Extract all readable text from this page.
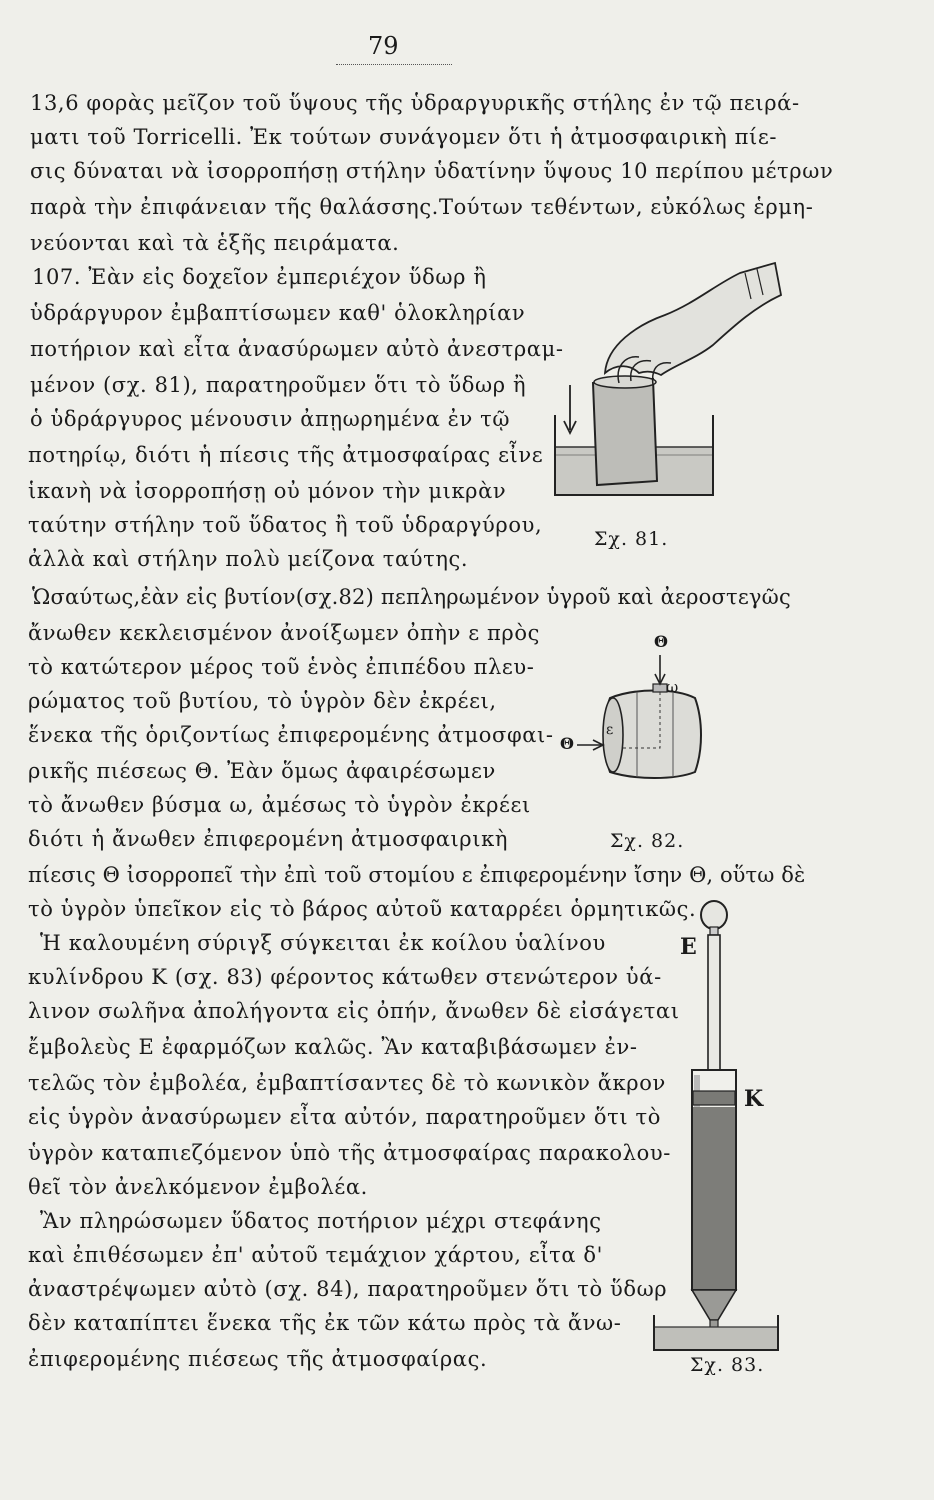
79
13,6 φορὰς μεῖζον τοῦ ὕψους τῆς ὑδραργυρικῆς στήλης ἐν τῷ πειρά-
ματι τοῦ Torricelli. Ἐκ τούτων συνάγομεν ὅτι ἡ ἀτμοσφαιρικὴ πίε-
σις δύναται νὰ ἰσορροπήσῃ στήλην ὑδατίνην ὕψους 10 περίπου μέτρων
παρὰ τὴν ἐπιφάνειαν τῆς θαλάσσης.Τούτων τεθέντων, εὐκόλως ἑρμη-
νεύονται καὶ τὰ ἑξῆς πειράματα.
107. Ἐὰν εἰς δοχεῖον ἐμπεριέχον ὕδωρ ἢ
ὑδράργυρον ἐμβαπτίσωμεν καθ' ὁλοκληρίαν
ποτήριον καὶ εἶτα ἀνασύρωμεν αὐτὸ ἀνεστραμ-
μένον (σχ. 81), παρατηροῦμεν ὅτι τὸ ὕδωρ ἢ
ὁ ὑδράργυρος μένουσιν ἀπῃωρημένα ἐν τῷ
ποτηρίῳ, διότι ἡ πίεσις τῆς ἀτμοσφαίρας εἶνε
ἱκανὴ νὰ ἰσορροπήσῃ οὐ μόνον τὴν μικρὰν
ταύτην στήλην τοῦ ὕδατος ἢ τοῦ ὑδραργύρου,
ἀλλὰ καὶ στήλην πολὺ μείζονα ταύτης.
Ὡσαύτως,ἐὰν εἰς βυτίον(σχ.82) πεπληρωμένον ὑγροῦ καὶ ἀεροστεγῶς
ἄνωθεν κεκλεισμένον ἀνοίξωμεν ὀπὴν ε πρὸς
τὸ κατώτερον μέρος τοῦ ἑνὸς ἐπιπέδου πλευ-
ρώματος τοῦ βυτίου, τὸ ὑγρὸν δὲν ἐκρέει,
ἕνεκα τῆς ὁριζοντίως ἐπιφερομένης ἀτμοσφαι-
ρικῆς πιέσεως Θ. Ἐὰν ὅμως ἀφαιρέσωμεν
τὸ ἄνωθεν βύσμα ω, ἀμέσως τὸ ὑγρὸν ἐκρέει
διότι ἡ ἄνωθεν ἐπιφερομένη ἀτμοσφαιρικὴ
πίεσις Θ ἰσορροπεῖ τὴν ἐπὶ τοῦ στομίου ε ἐπιφερομένην ἴσην Θ, οὕτω δὲ
τὸ ὑγρὸν ὑπεῖκον εἰς τὸ βάρος αὐτοῦ καταρρέει ὁρμητικῶς.
Ἡ καλουμένη σύριγξ σύγκειται ἐκ κοίλου ὑαλίνου
κυλίνδρου Κ (σχ. 83) φέροντος κάτωθεν στενώτερον ὑά-
λινον σωλῆνα ἀπολήγοντα εἰς ὀπήν, ἄνωθεν δὲ εἰσάγεται
ἔμβολεὺς Ε ἐφαρμόζων καλῶς. Ἂν καταβιβάσωμεν ἐν-
τελῶς τὸν ἐμβολέα, ἐμβαπτίσαντες δὲ τὸ κωνικὸν ἄκρον
εἰς ὑγρὸν ἀνασύρωμεν εἶτα αὐτόν, παρατηροῦμεν ὅτι τὸ
ὑγρὸν καταπιεζόμενον ὑπὸ τῆς ἀτμοσφαίρας παρακολου-
θεῖ τὸν ἀνελκόμενον ἐμβολέα.
Ἂν πληρώσωμεν ὕδατος ποτήριον μέχρι στεφάνης
καὶ ἐπιθέσωμεν ἐπ' αὐτοῦ τεμάχιον χάρτου, εἶτα δ'
ἀναστρέψωμεν αὐτὸ (σχ. 84), παρατηροῦμεν ὅτι τὸ ὕδωρ
δὲν καταπίπτει ἕνεκα τῆς ἐκ τῶν κάτω πρὸς τὰ ἄνω-
ἐπιφερομένης πιέσεως τῆς ἀτμοσφαίρας.
Σχ. 81.
Θ
ω
Θ
ε
Σχ. 82.
E
K
Σχ. 83.
